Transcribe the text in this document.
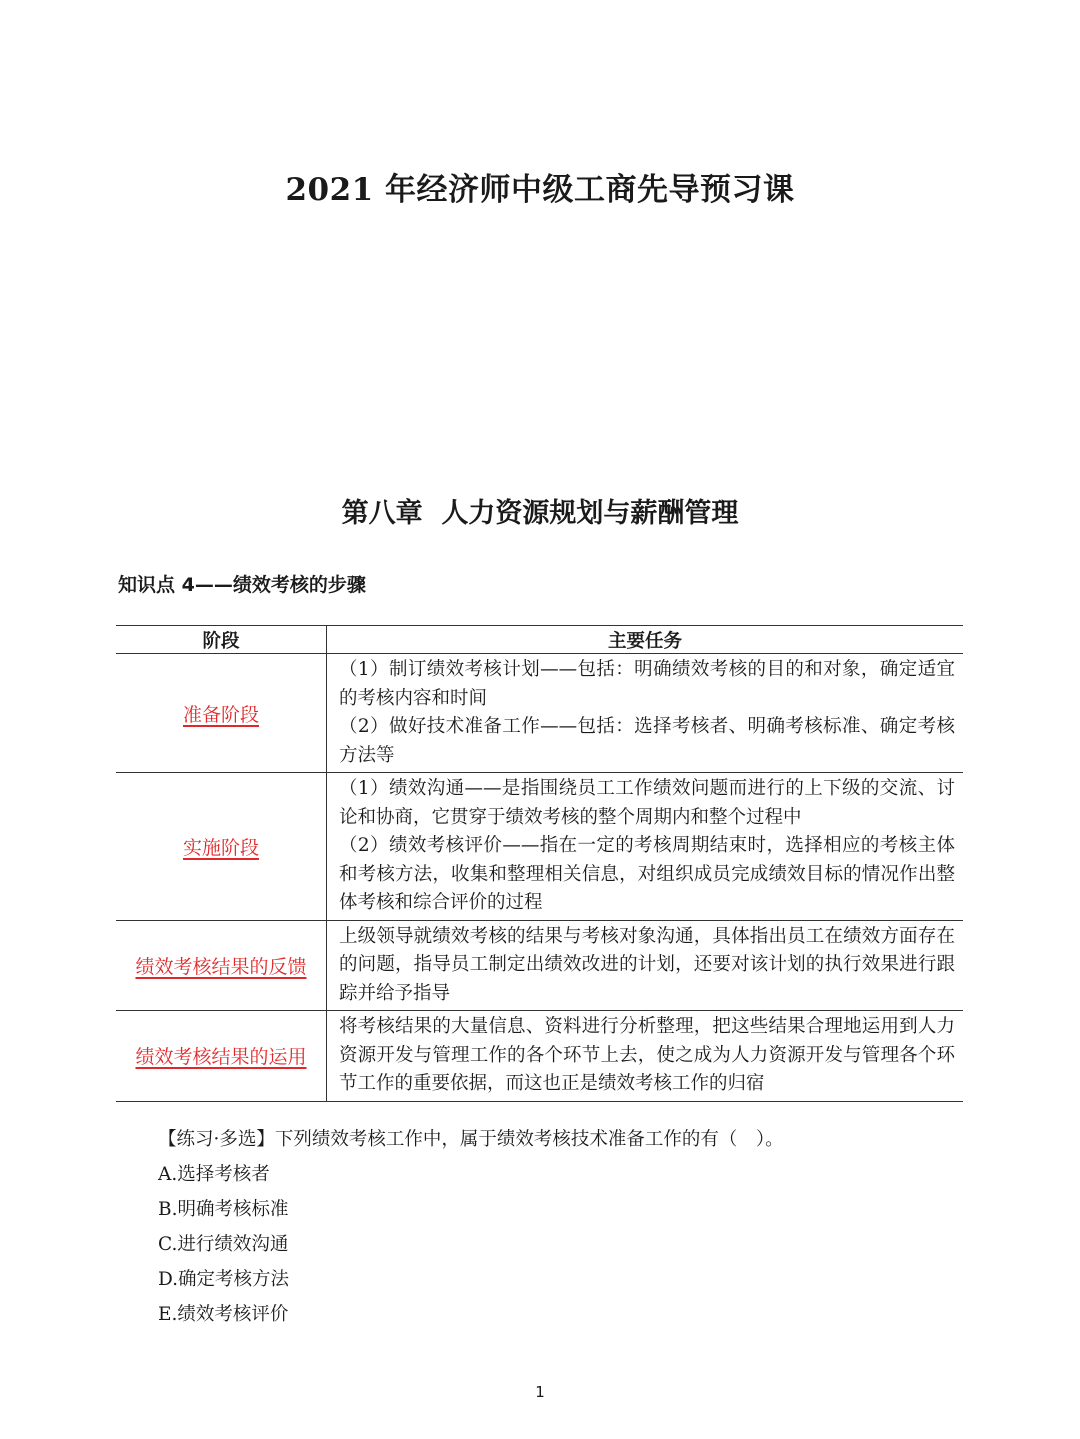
2021 年经济师中级工商先导预习课
第八章  人力资源规划与薪酬管理
知识点 4——绩效考核的步骤
阶段	主要任务

准备阶段	（1）制订绩效考核计划——包括：明确绩效考核的目的和对象，确定适宜的考核内容和时间

（2）做好技术准备工作——包括：选择考核者、明确考核标准、确定考核方法等

实施阶段	（1）绩效沟通——是指围绕员工工作绩效问题而进行的上下级的交流、讨论和协商，它贯穿于绩效考核的整个周期内和整个过程中

（2）绩效考核评价——指在一定的考核周期结束时，选择相应的考核主体和考核方法，收集和整理相关信息，对组织成员完成绩效目标的情况作出整体考核和综合评价的过程

绩效考核结果的反馈	上级领导就绩效考核的结果与考核对象沟通，具体指出员工在绩效方面存在的问题，指导员工制定出绩效改进的计划，还要对该计划的执行效果进行跟踪并给予指导

绩效考核结果的运用	将考核结果的大量信息、资料进行分析整理，把这些结果合理地运用到人力资源开发与管理工作的各个环节上去，使之成为人力资源开发与管理各个环节工作的重要依据，而这也正是绩效考核工作的归宿

【练习·多选】下列绩效考核工作中，属于绩效考核技术准备工作的有（　）。

A.选择考核者

B.明确考核标准

C.进行绩效沟通

D.确定考核方法

E.绩效考核评价

1
